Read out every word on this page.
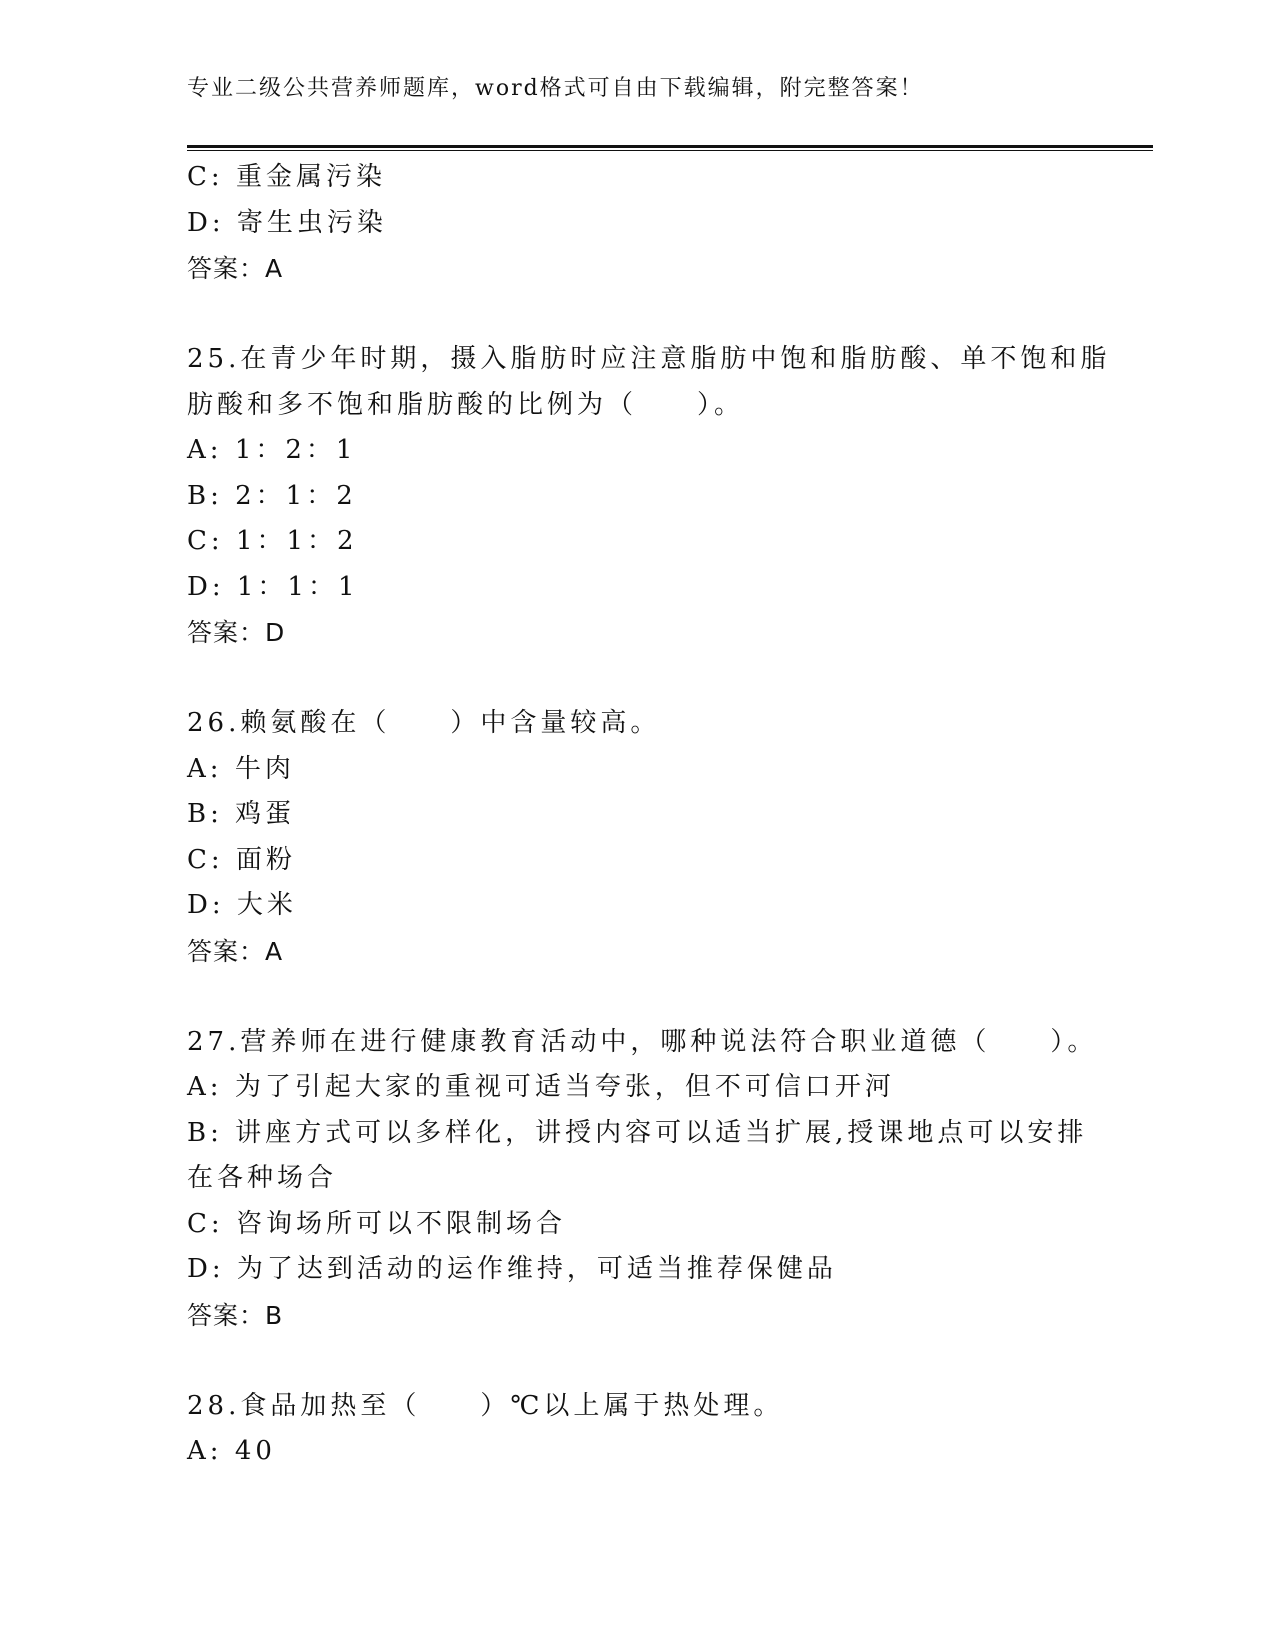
专业二级公共营养师题库，word格式可自由下载编辑，附完整答案！
C: 重金属污染
D: 寄生虫污染
答案：A
25.在青少年时期，摄入脂肪时应注意脂肪中饱和脂肪酸、单不饱和脂
肪酸和多不饱和脂肪酸的比例为（　　）。
A: 1：2：1
B: 2：1：2
C: 1：1：2
D: 1：1：1
答案：D
26.赖氨酸在（　　）中含量较高。
A: 牛肉
B: 鸡蛋
C: 面粉
D: 大米
答案：A
27.营养师在进行健康教育活动中，哪种说法符合职业道德（　　）。
A: 为了引起大家的重视可适当夸张，但不可信口开河
B: 讲座方式可以多样化，讲授内容可以适当扩展,授课地点可以安排
在各种场合
C: 咨询场所可以不限制场合
D: 为了达到活动的运作维持，可适当推荐保健品
答案：B
28.食品加热至（　　）℃以上属于热处理。
A: 40
